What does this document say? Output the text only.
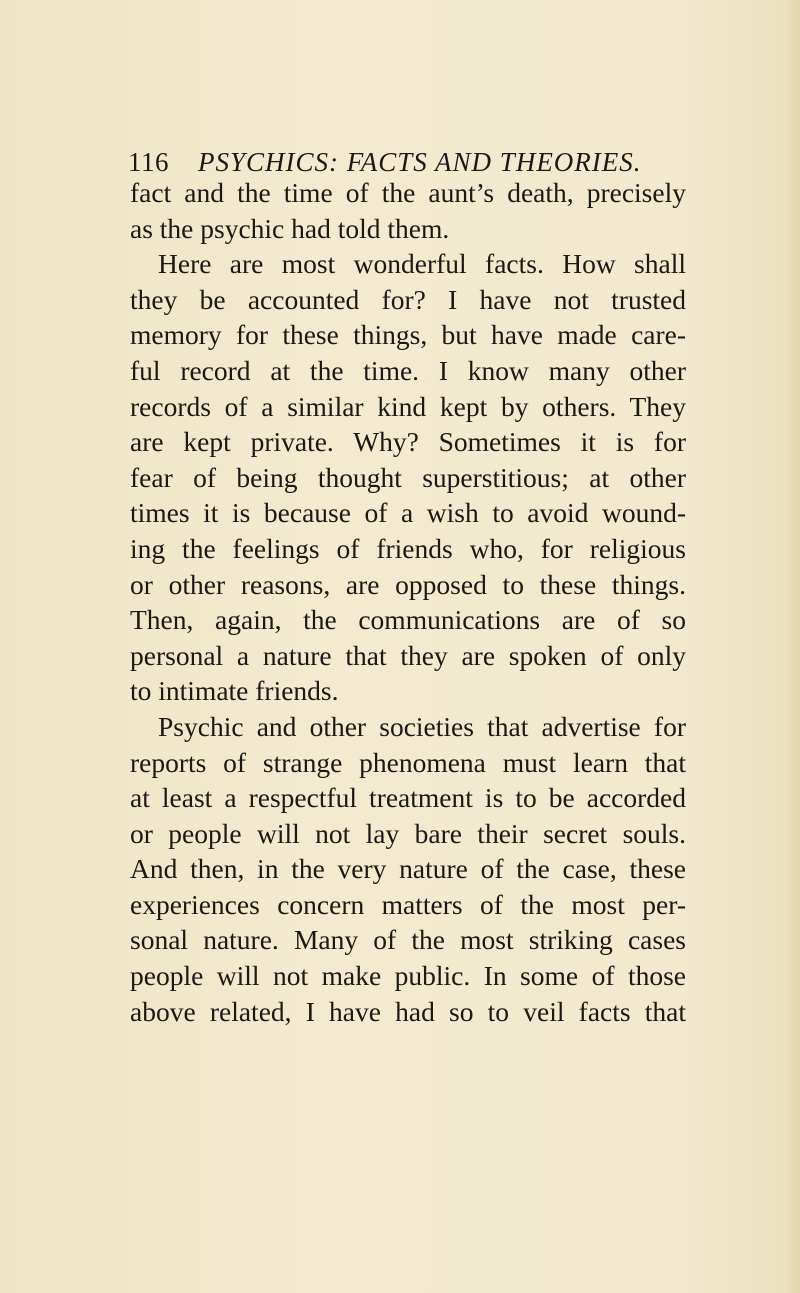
116 PSYCHICS: FACTS AND THEORIES.
fact and the time of the aunt’s death, precisely
as the psychic had told them.
Here are most wonderful facts. How shall
they be accounted for? I have not trusted
memory for these things, but have made care-
ful record at the time. I know many other
records of a similar kind kept by others. They
are kept private. Why? Sometimes it is for
fear of being thought superstitious; at other
times it is because of a wish to avoid wound-
ing the feelings of friends who, for religious
or other reasons, are opposed to these things.
Then, again, the communications are of so
personal a nature that they are spoken of only
to intimate friends.
Psychic and other societies that advertise for
reports of strange phenomena must learn that
at least a respectful treatment is to be accorded
or people will not lay bare their secret souls.
And then, in the very nature of the case, these
experiences concern matters of the most per-
sonal nature. Many of the most striking cases
people will not make public. In some of those
above related, I have had so to veil facts that
